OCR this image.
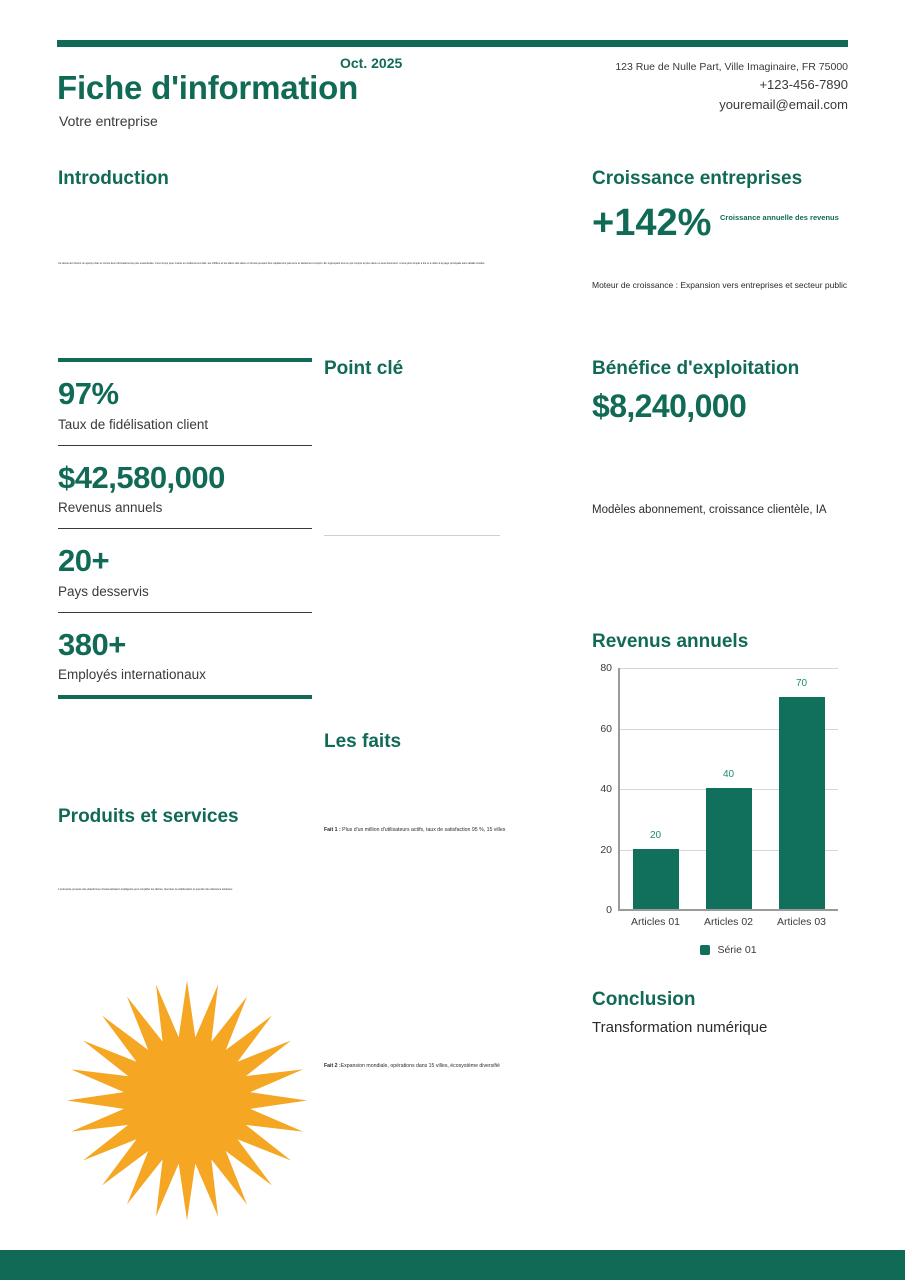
Fiche d'information
Oct. 2025
Votre entreprise
123 Rue de Nulle Part, Ville Imaginaire, FR 75000
+123-456-7890
youremail@email.com
Introduction
Ce document fournit un aperçu clair et concis des informations les plus essentielles. Il est conçu pour mettre en évidence les faits, les chiffres et les idées clés dans un format pouvant être rapidement parcouru et facilement compris. En regroupant tout ce qui compte le plus dans un seul document, il sera plus simple à lire et à relire à la page principale sans détails inutiles.
Croissance entreprises
+142% Croissance annuelle des revenus
Moteur de croissance : Expansion vers entreprises et secteur public
97%
Taux de fidélisation client
$42,580,000
Revenus annuels
20+
Pays desservis
380+
Employés internationaux
Produits et services
L'entreprise propose des plateformes d'automatisation intelligente pour simplifier les tâches, favoriser la collaboration et prendre des décisions éclairées.
Point clé
Les faits
Fait 1 : Plus d'un million d'utilisateurs actifs, taux de satisfaction 95 %, 15 villes
Fait 2 :Expansion mondiale, opérations dans 15 villes, écosystème diversifié
Bénéfice d'exploitation
$8,240,000
Modèles abonnement, croissance clientèle, IA
Revenus annuels
0
20
40
60
80
20
40
70
Articles 01 Articles 02 Articles 03
Série 01
Conclusion
Transformation numérique
